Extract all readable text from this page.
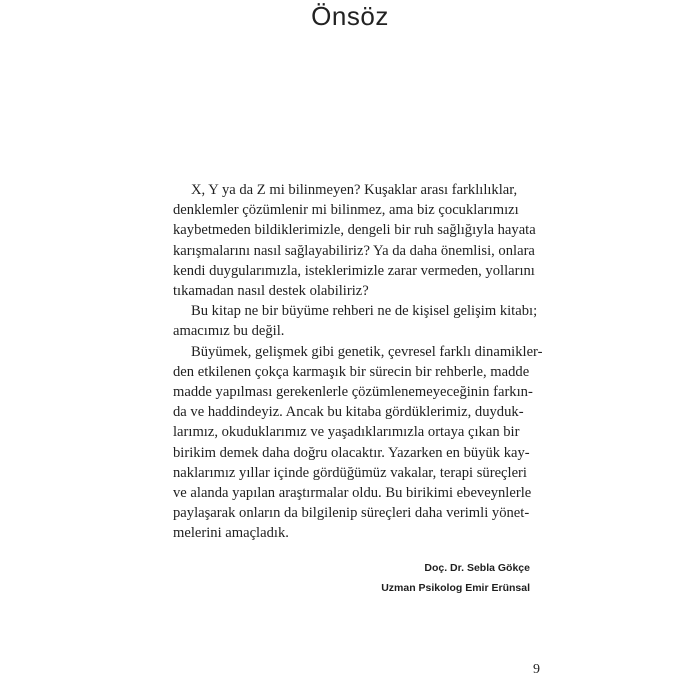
Önsöz
X, Y ya da Z mi bilinmeyen? Kuşaklar arası farklılıklar,
denklemler çözümlenir mi bilinmez, ama biz çocuklarımızı
kaybetmeden bildiklerimizle, dengeli bir ruh sağlığıyla hayata
karışmalarını nasıl sağlayabiliriz? Ya da daha önemlisi, onlara
kendi duygularımızla, isteklerimizle zarar vermeden, yollarını
tıkamadan nasıl destek olabiliriz?
Bu kitap ne bir büyüme rehberi ne de kişisel gelişim kitabı;
amacımız bu değil.
Büyümek, gelişmek gibi genetik, çevresel farklı dinamikler-
den etkilenen çokça karmaşık bir sürecin bir rehberle, madde
madde yapılması gerekenlerle çözümlenemeyeceğinin farkın-
da ve haddindeyiz. Ancak bu kitaba gördüklerimiz, duyduk-
larımız, okuduklarımız ve yaşadıklarımızla ortaya çıkan bir
birikim demek daha doğru olacaktır. Yazarken en büyük kay-
naklarımız yıllar içinde gördüğümüz vakalar, terapi süreçleri
ve alanda yapılan araştırmalar oldu. Bu birikimi ebeveynlerle
paylaşarak onların da bilgilenip süreçleri daha verimli yönet-
melerini amaçladık.
Doç. Dr. Sebla Gökçe
Uzman Psikolog Emir Erünsal
9
